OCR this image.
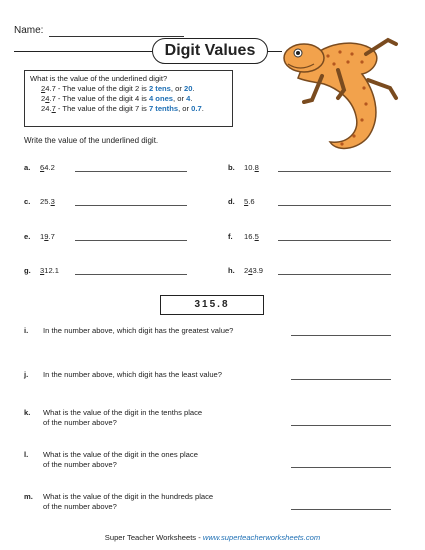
Name:
Digit Values
What is the value of the underlined digit?
24.7 - The value of the digit 2 is 2 tens, or 20.
24.7 - The value of the digit 4 is 4 ones, or 4.
24.7 - The value of the digit 7 is 7 tenths, or 0.7.
Write the value of the underlined digit.
a. 64.2	b. 10.8
c. 25.3	d. 5.6
e. 19.7	f. 16.5
g. 312.1	h. 243.9
315.8
i. In the number above, which digit has the greatest value?
j. In the number above, which digit has the least value?
k. What is the value of the digit in the tenths place
of the number above?
l. What is the value of the digit in the ones place
of the number above?
m. What is the value of the digit in the hundreds place
of the number above?
Super Teacher Worksheets - www.superteacherworksheets.com
